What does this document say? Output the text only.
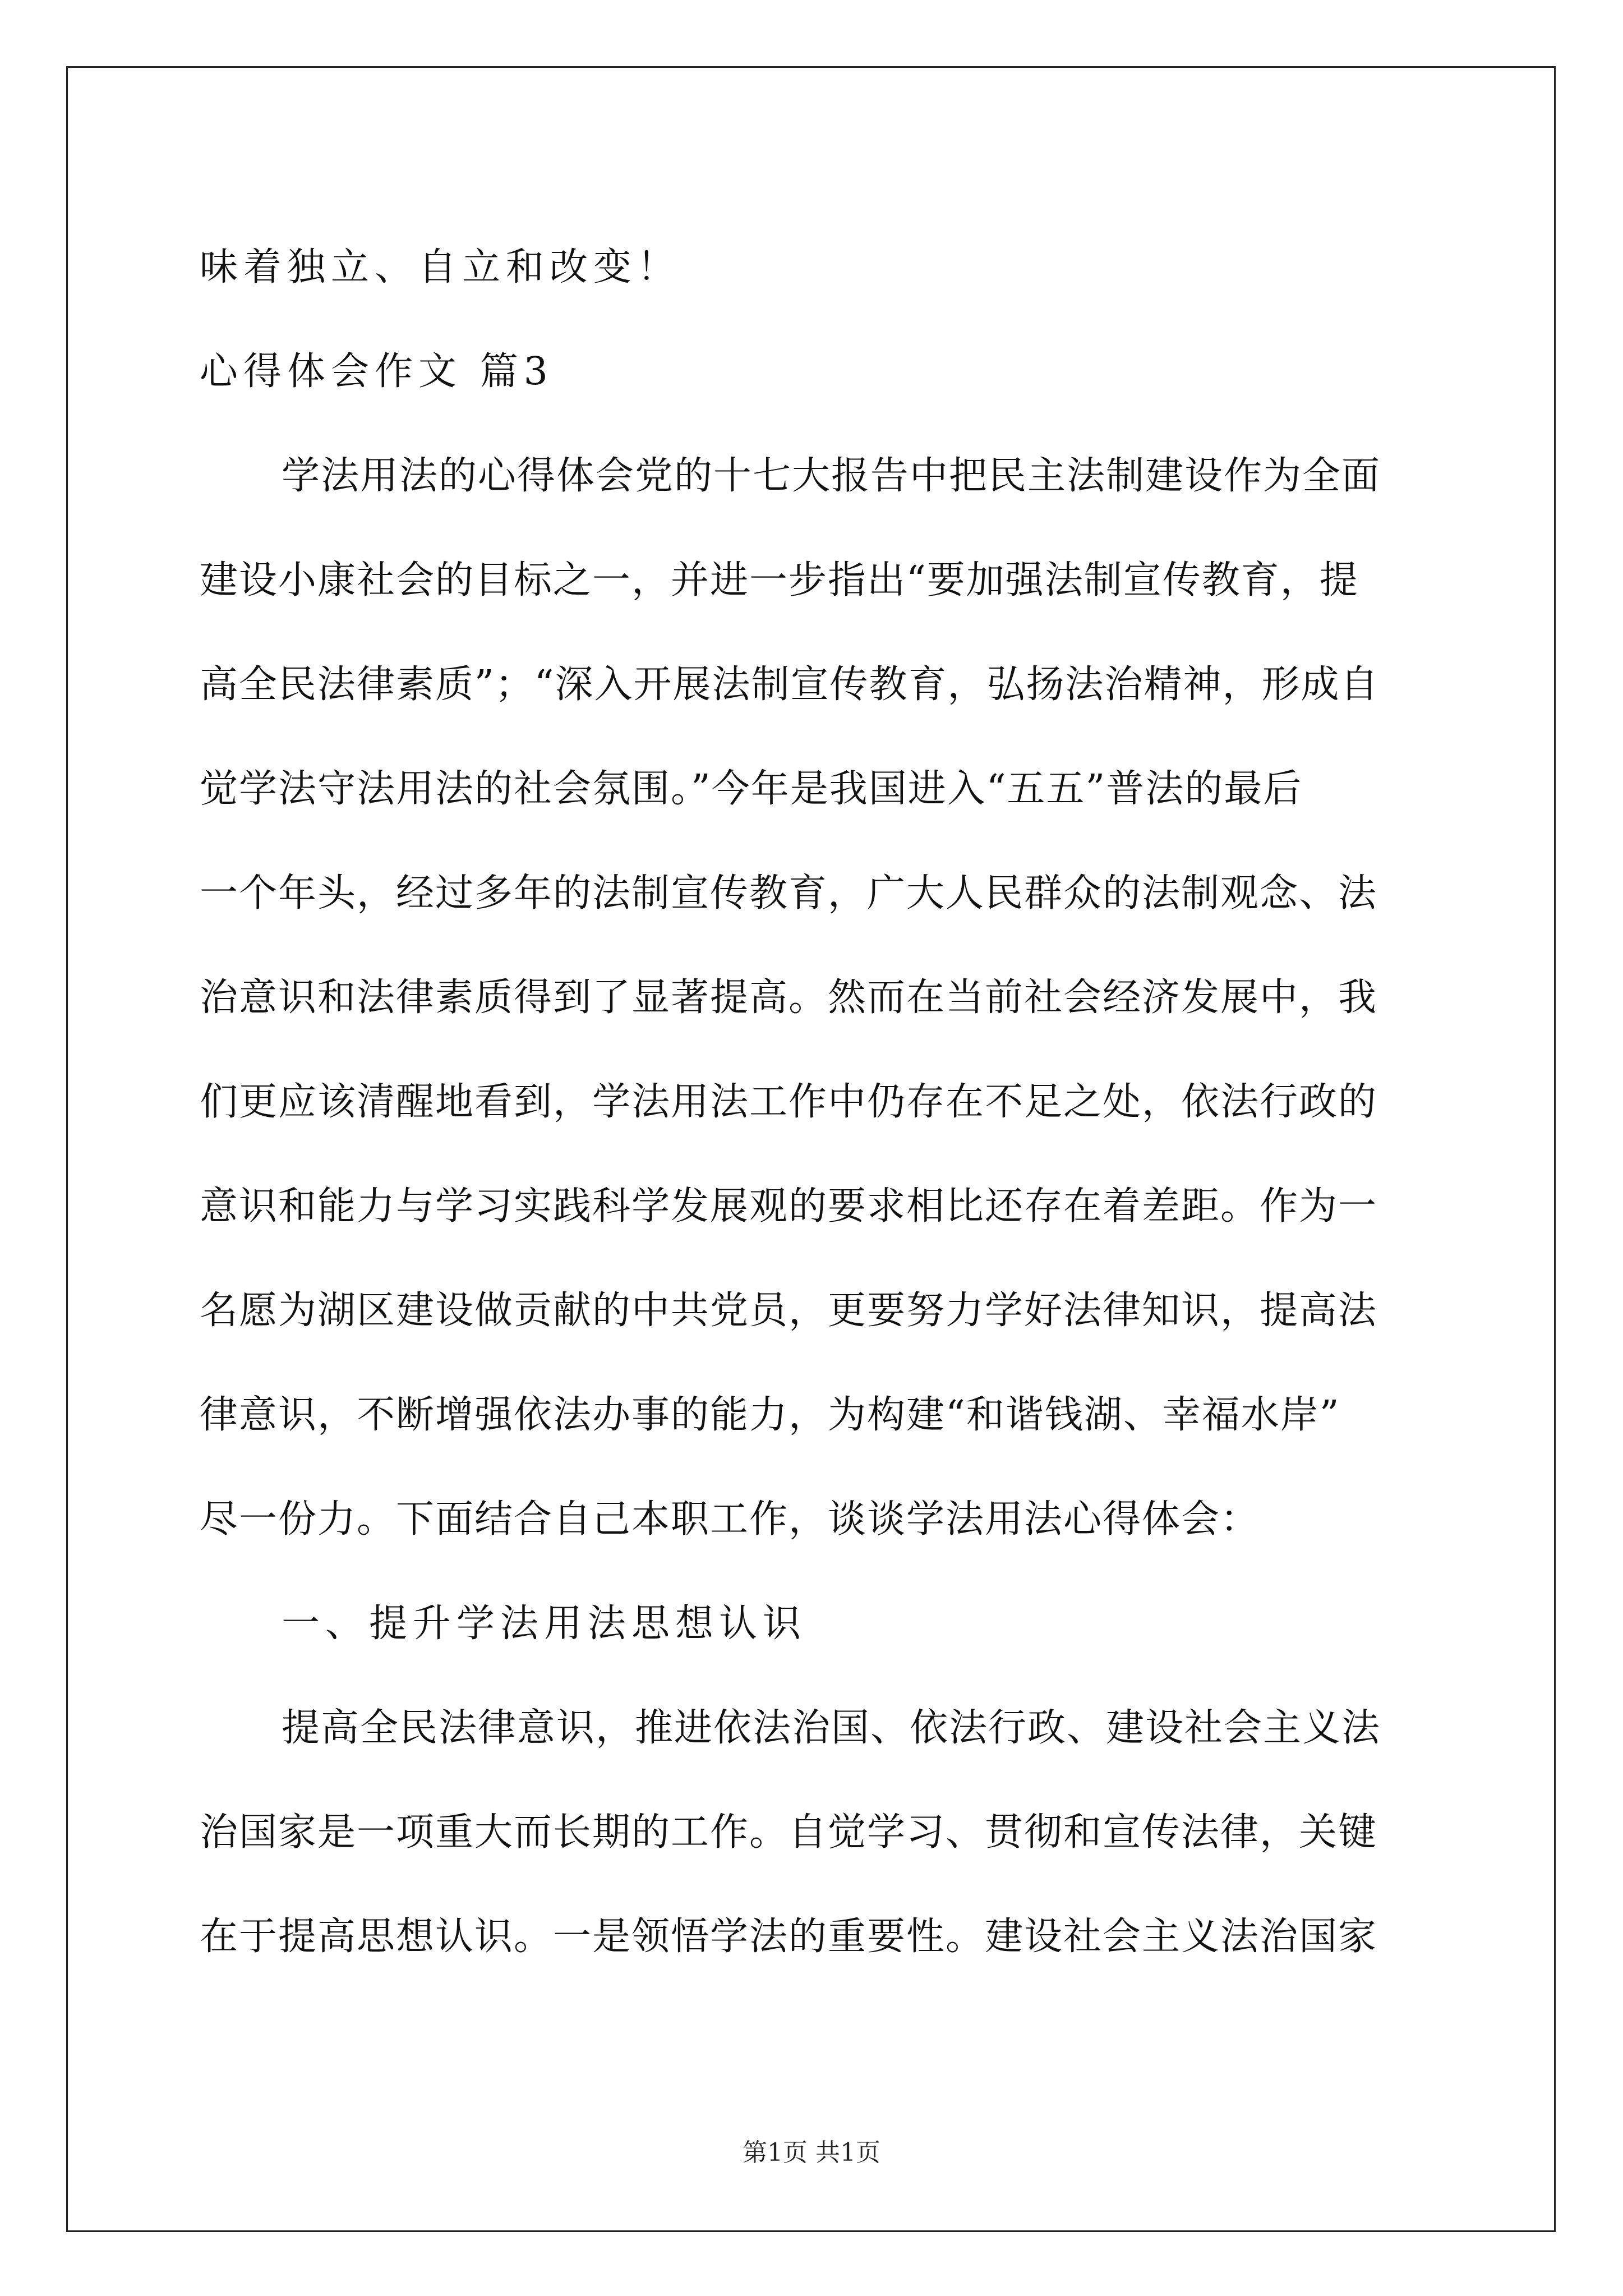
味着独立、自立和改变！
心得体会作文 篇3
学法用法的心得体会党的十七大报告中把民主法制建设作为全面
建设小康社会的目标之一，并进一步指出“要加强法制宣传教育，提
高全民法律素质”；“深入开展法制宣传教育，弘扬法治精神，形成自
觉学法守法用法的社会氛围。”今年是我国进入“五五”普法的最后
一个年头，经过多年的法制宣传教育，广大人民群众的法制观念、法
治意识和法律素质得到了显著提高。然而在当前社会经济发展中，我
们更应该清醒地看到，学法用法工作中仍存在不足之处，依法行政的
意识和能力与学习实践科学发展观的要求相比还存在着差距。作为一
名愿为湖区建设做贡献的中共党员，更要努力学好法律知识，提高法
律意识，不断增强依法办事的能力，为构建“和谐钱湖、幸福水岸”
尽一份力。下面结合自己本职工作，谈谈学法用法心得体会：
一、提升学法用法思想认识
提高全民法律意识，推进依法治国、依法行政、建设社会主义法
治国家是一项重大而长期的工作。自觉学习、贯彻和宣传法律，关键
在于提高思想认识。一是领悟学法的重要性。建设社会主义法治国家
第1页 共1页
